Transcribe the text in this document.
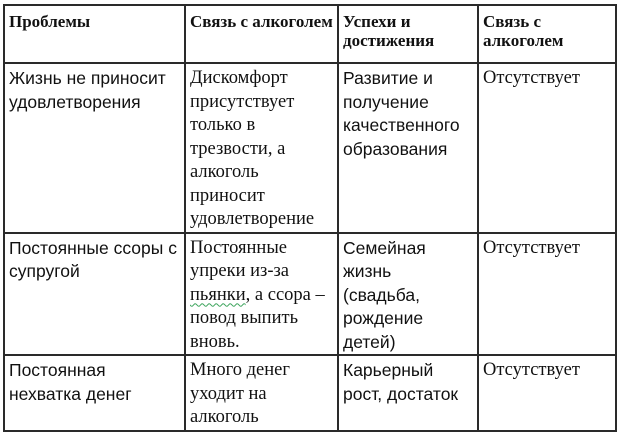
Проблемы	Связь с алкоголем	Успехи и достижения	Связь с алкоголем
Жизнь не приносит удовлетворения	Дискомфорт присутствует только в трезвости, а алкоголь приносит удовлетворение	Развитие и получение качественного образования	Отсутствует
Постоянные ссоры с супругой	Постоянные упреки из-за пьянки, а ссора – повод выпить вновь.	Семейная жизнь (свадьба, рождение детей)	Отсутствует
Постоянная нехватка денег	Много денег уходит на алкоголь	Карьерный рост, достаток	Отсутствует
